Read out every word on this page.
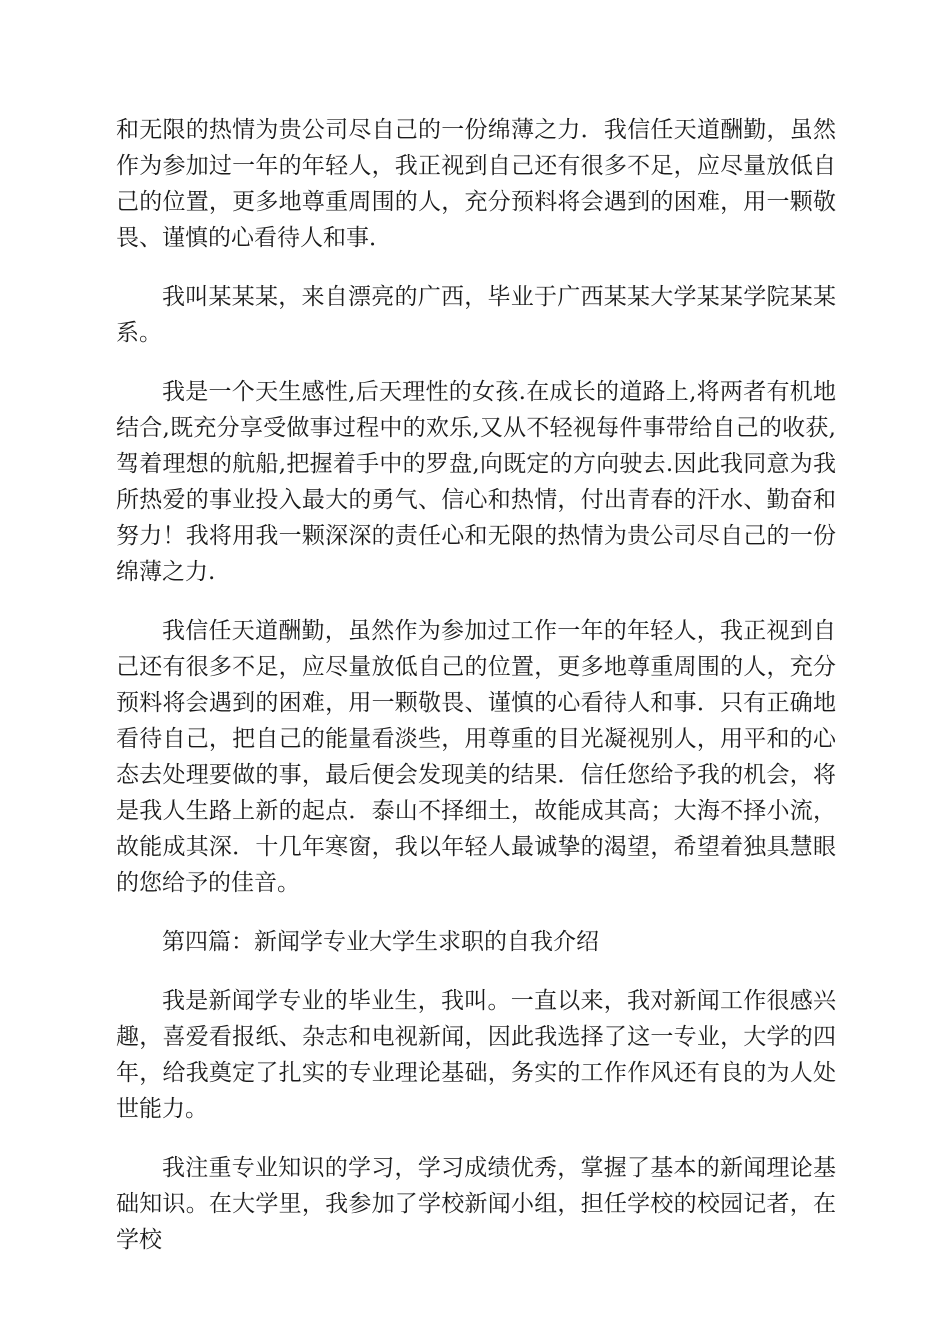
和无限的热情为贵公司尽自己的一份绵薄之力．我信任天道酬勤，虽然作为参加过一年的年轻人，我正视到自己还有很多不足，应尽量放低自己的位置，更多地尊重周围的人，充分预料将会遇到的困难，用一颗敬畏、谨慎的心看待人和事．

我叫某某某，来自漂亮的广西，毕业于广西某某大学某某学院某某系。

我是一个天生感性,后天理性的女孩.在成长的道路上,将两者有机地结合,既充分享受做事过程中的欢乐,又从不轻视每件事带给自己的收获,驾着理想的航船,把握着手中的罗盘,向既定的方向驶去.因此我同意为我所热爱的事业投入最大的勇气、信心和热情，付出青春的汗水、勤奋和努力！我将用我一颗深深的责任心和无限的热情为贵公司尽自己的一份绵薄之力.

我信任天道酬勤，虽然作为参加过工作一年的年轻人，我正视到自己还有很多不足，应尽量放低自己的位置，更多地尊重周围的人，充分预料将会遇到的困难，用一颗敬畏、谨慎的心看待人和事．只有正确地看待自己，把自己的能量看淡些，用尊重的目光凝视别人，用平和的心态去处理要做的事，最后便会发现美的结果．信任您给予我的机会，将是我人生路上新的起点．泰山不择细土，故能成其高；大海不择小流，故能成其深．十几年寒窗，我以年轻人最诚挚的渴望，希望着独具慧眼的您给予的佳音。

第四篇：新闻学专业大学生求职的自我介绍

我是新闻学专业的毕业生，我叫。一直以来，我对新闻工作很感兴趣，喜爱看报纸、杂志和电视新闻，因此我选择了这一专业，大学的四年，给我奠定了扎实的专业理论基础，务实的工作作风还有良的为人处世能力。

我注重专业知识的学习，学习成绩优秀，掌握了基本的新闻理论基础知识。在大学里，我参加了学校新闻小组，担任学校的校园记者，在学校
